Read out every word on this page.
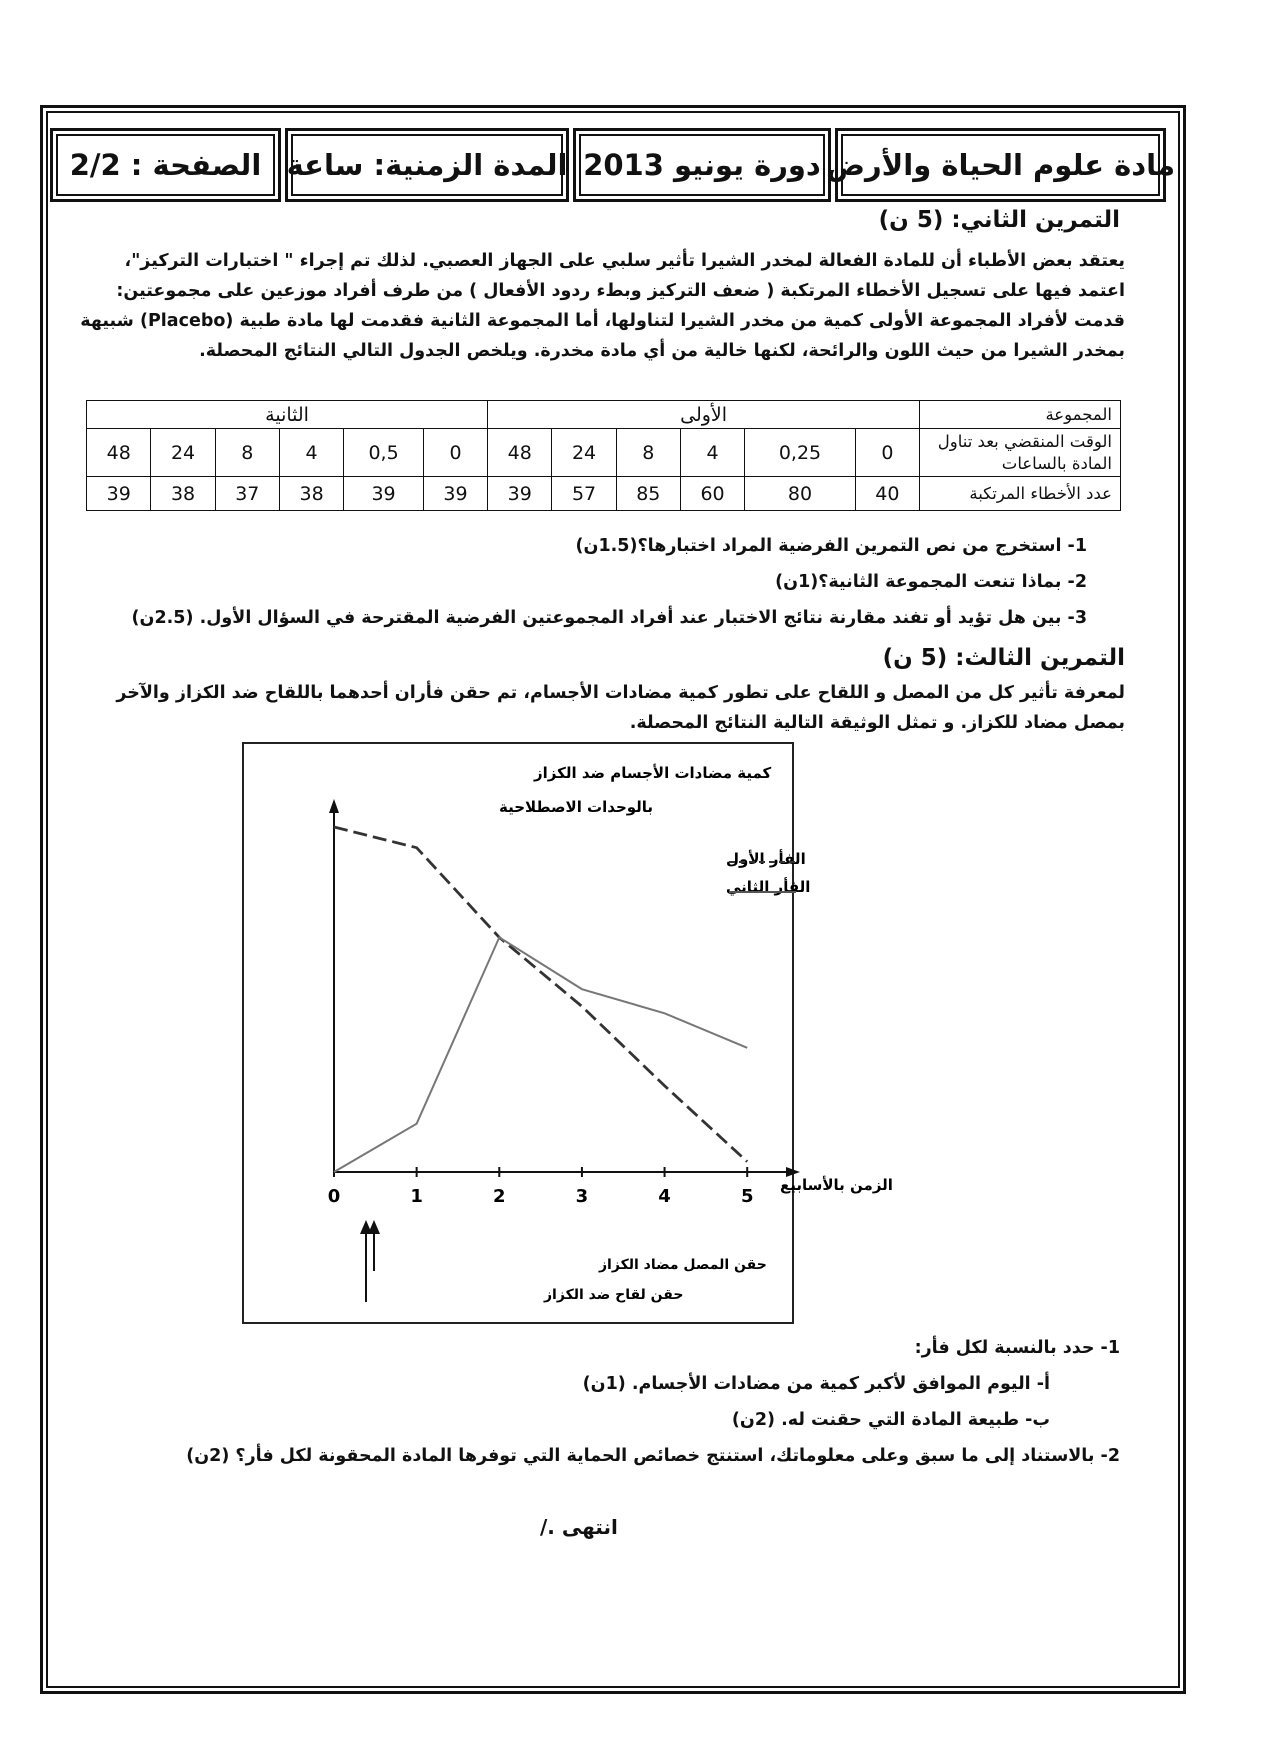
الصفحة : 2/2 المدة الزمنية: ساعة دورة يونيو 2013 مادة علوم الحياة والأرض
التمرين الثاني: (5 ن)

يعتقد بعض الأطباء أن للمادة الفعالة لمخدر الشيرا تأثير سلبي على الجهاز العصبي. لذلك تم إجراء " اختبارات التركيز"،

اعتمد فيها على تسجيل الأخطاء المرتكبة ( ضعف التركيز وبطء ردود الأفعال ) من طرف أفراد موزعين على مجموعتين:

قدمت لأفراد المجموعة الأولى كمية من مخدر الشيرا لتناولها، أما المجموعة الثانية فقدمت لها مادة طبية (Placebo) شبيهة

بمخدر الشيرا من حيث اللون والرائحة، لكنها خالية من أي مادة مخدرة. ويلخص الجدول التالي النتائج المحصلة.

المجموعة	الأولى						الثانية					
الوقت المنقضي بعد تناول المادة بالساعات	0	0,25	4	8	24	48	0	0,5	4	8	24	48
عدد الأخطاء المرتكبة	40	80	60	85	57	39	39	39	38	37	38	39
1- استخرج من نص التمرين الفرضية المراد اختبارها؟(1.5ن)
2- بماذا تنعت المجموعة الثانية؟(1ن)
3- بين هل تؤيد أو تفند مقارنة نتائج الاختبار عند أفراد المجموعتين الفرضية المقترحة في السؤال الأول. (2.5ن)
التمرين الثالث: (5 ن)

لمعرفة تأثير كل من المصل و اللقاح على تطور كمية مضادات الأجسام، تم حقن فأران أحدهما باللقاح ضد الكزاز والآخر

بمصل مضاد للكزاز. و تمثل الوثيقة التالية النتائج المحصلة.

كمية مضادات الأجسام ضد الكزاز
بالوحدات الاصطلاحية
الزمن بالأسابيع
الفأر الأول
الفأر الثاني
حقن المصل مضاد الكزاز
حقن لقاح ضد الكزاز
0	1	2	3	4	5
1- حدد بالنسبة لكل فأر:
أ- اليوم الموافق لأكبر كمية من مضادات الأجسام. (1ن)
ب- طبيعة المادة التي حقنت له. (2ن)
2- بالاستناد إلى ما سبق وعلى معلوماتك، استنتج خصائص الحماية التي توفرها المادة المحقونة لكل فأر؟ (2ن)
انتهى ./
